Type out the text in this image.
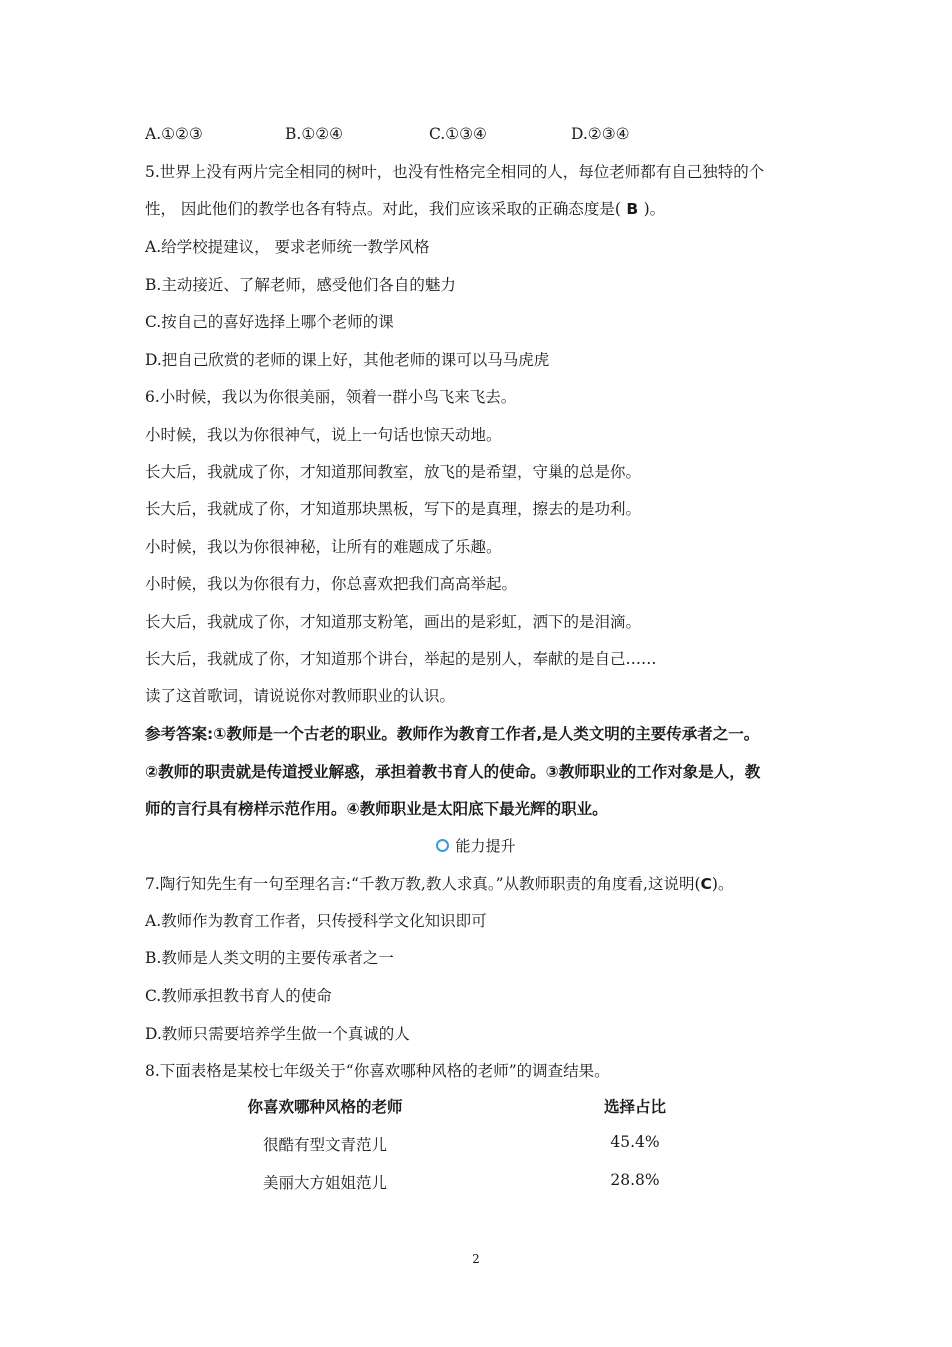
A.①②③	B.①②④	C.①③④	D.②③④
5.世界上没有两片完全相同的树叶，也没有性格完全相同的人，每位老师都有自己独特的个
性， 因此他们的教学也各有特点。对此，我们应该采取的正确态度是( B )。
A.给学校提建议， 要求老师统一教学风格
B.主动接近、了解老师，感受他们各自的魅力
C.按自己的喜好选择上哪个老师的课
D.把自己欣赏的老师的课上好，其他老师的课可以马马虎虎
6.小时候，我以为你很美丽，领着一群小鸟飞来飞去。
小时候，我以为你很神气，说上一句话也惊天动地。
长大后，我就成了你，才知道那间教室，放飞的是希望，守巢的总是你。
长大后，我就成了你，才知道那块黑板，写下的是真理，擦去的是功利。
小时候，我以为你很神秘，让所有的难题成了乐趣。
小时候，我以为你很有力，你总喜欢把我们高高举起。
长大后，我就成了你，才知道那支粉笔，画出的是彩虹，洒下的是泪滴。
长大后，我就成了你，才知道那个讲台，举起的是别人，奉献的是自己……
读了这首歌词，请说说你对教师职业的认识。
参考答案:①教师是一个古老的职业。教师作为教育工作者,是人类文明的主要传承者之一。
②教师的职责就是传道授业解惑，承担着教书育人的使命。③教师职业的工作对象是人，教
师的言行具有榜样示范作用。④教师职业是太阳底下最光辉的职业。
能力提升
7.陶行知先生有一句至理名言:“千教万教,教人求真。”从教师职责的角度看,这说明(C)。
A.教师作为教育工作者，只传授科学文化知识即可
B.教师是人类文明的主要传承者之一
C.教师承担教书育人的使命
D.教师只需要培养学生做一个真诚的人
8.下面表格是某校七年级关于“你喜欢哪种风格的老师”的调查结果。
你喜欢哪种风格的老师	选择占比
很酷有型文青范儿	45.4%
美丽大方姐姐范儿	28.8%
2
